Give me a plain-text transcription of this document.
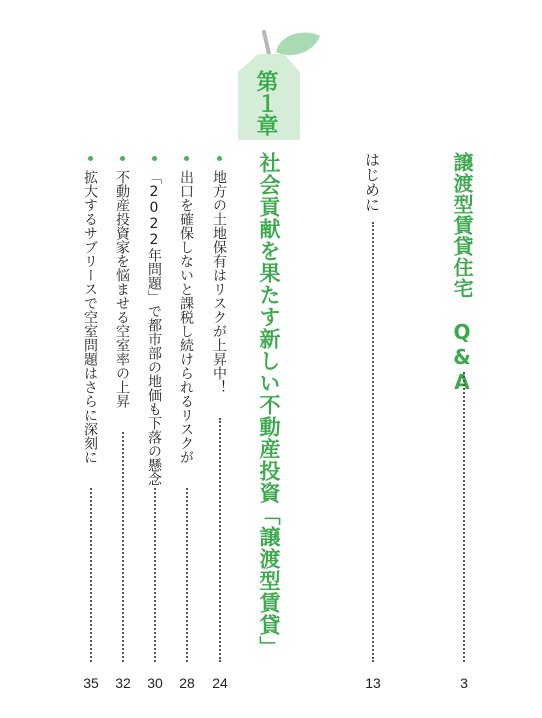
譲渡型賃貸住宅　Q&A
3
はじめに
13
第１章
社会貢献を果たす新しい不動産投資「譲渡型賃貸」
地方の土地保有はリスクが上昇中！
24
出口を確保しないと課税し続けられるリスクが
28
「2022年問題」で都市部の地価も下落の懸念
30
不動産投資家を悩ませる空室率の上昇
32
拡大するサブリースで空室問題はさらに深刻に
35
